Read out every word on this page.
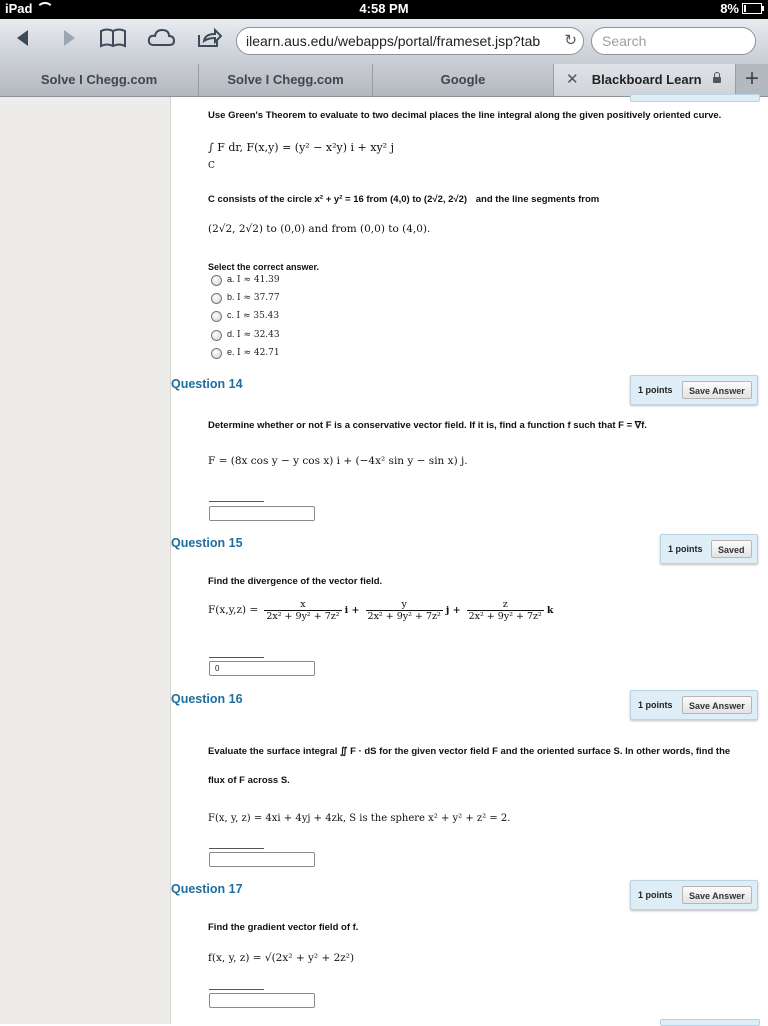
iPad	4:58 PM	8%
ilearn.aus.edu/webapps/portal/frameset.jsp?tab ↻	Search
Solve I Chegg.com	Solve I Chegg.com	Google	✕ Blackboard Learn	+
Use Green's Theorem to evaluate to two decimal places the line integral along the given positively oriented curve.
∫ F dr, F(x,y) = (y² − x²y) i + xy² j
C
C consists of the circle x² + y² = 16 from (4,0) to (2√2, 2√2) and the line segments from
(2√2, 2√2) to (0,0) and from (0,0) to (4,0).
Select the correct answer.
a. I ≈ 41.39
b. I ≈ 37.77
c. I ≈ 35.43
d. I ≈ 32.43
e. I ≈ 42.71
Question 14	1 points	Save Answer
Determine whether or not F is a conservative vector field. If it is, find a function f such that F = ∇f.
F = (8x cos y − y cos x) i + (−4x² sin y − sin x) j.
Question 15	1 points	Saved
Find the divergence of the vector field.
$F(x,y,z) = \frac{x}{\text{2x² + 9y² + 7z²}}$ $i + \frac{y}{\text{2x² + 9y² + 7z²}}$ $j + \frac{z}{\text{2x² + 9y² + 7z²}}$ k
0
Question 16	1 points	Save Answer
Evaluate the surface integral ∬ F · dS for the given vector field F and the oriented surface S. In other words, find the
flux of F across S.
F(x, y, z) = 4xi + 4yj + 4zk, S is the sphere x² + y² + z² = 2.
Question 17	1 points	Save Answer
Find the gradient vector field of f.
f(x, y, z) = √(2x² + y² + 2z²)
